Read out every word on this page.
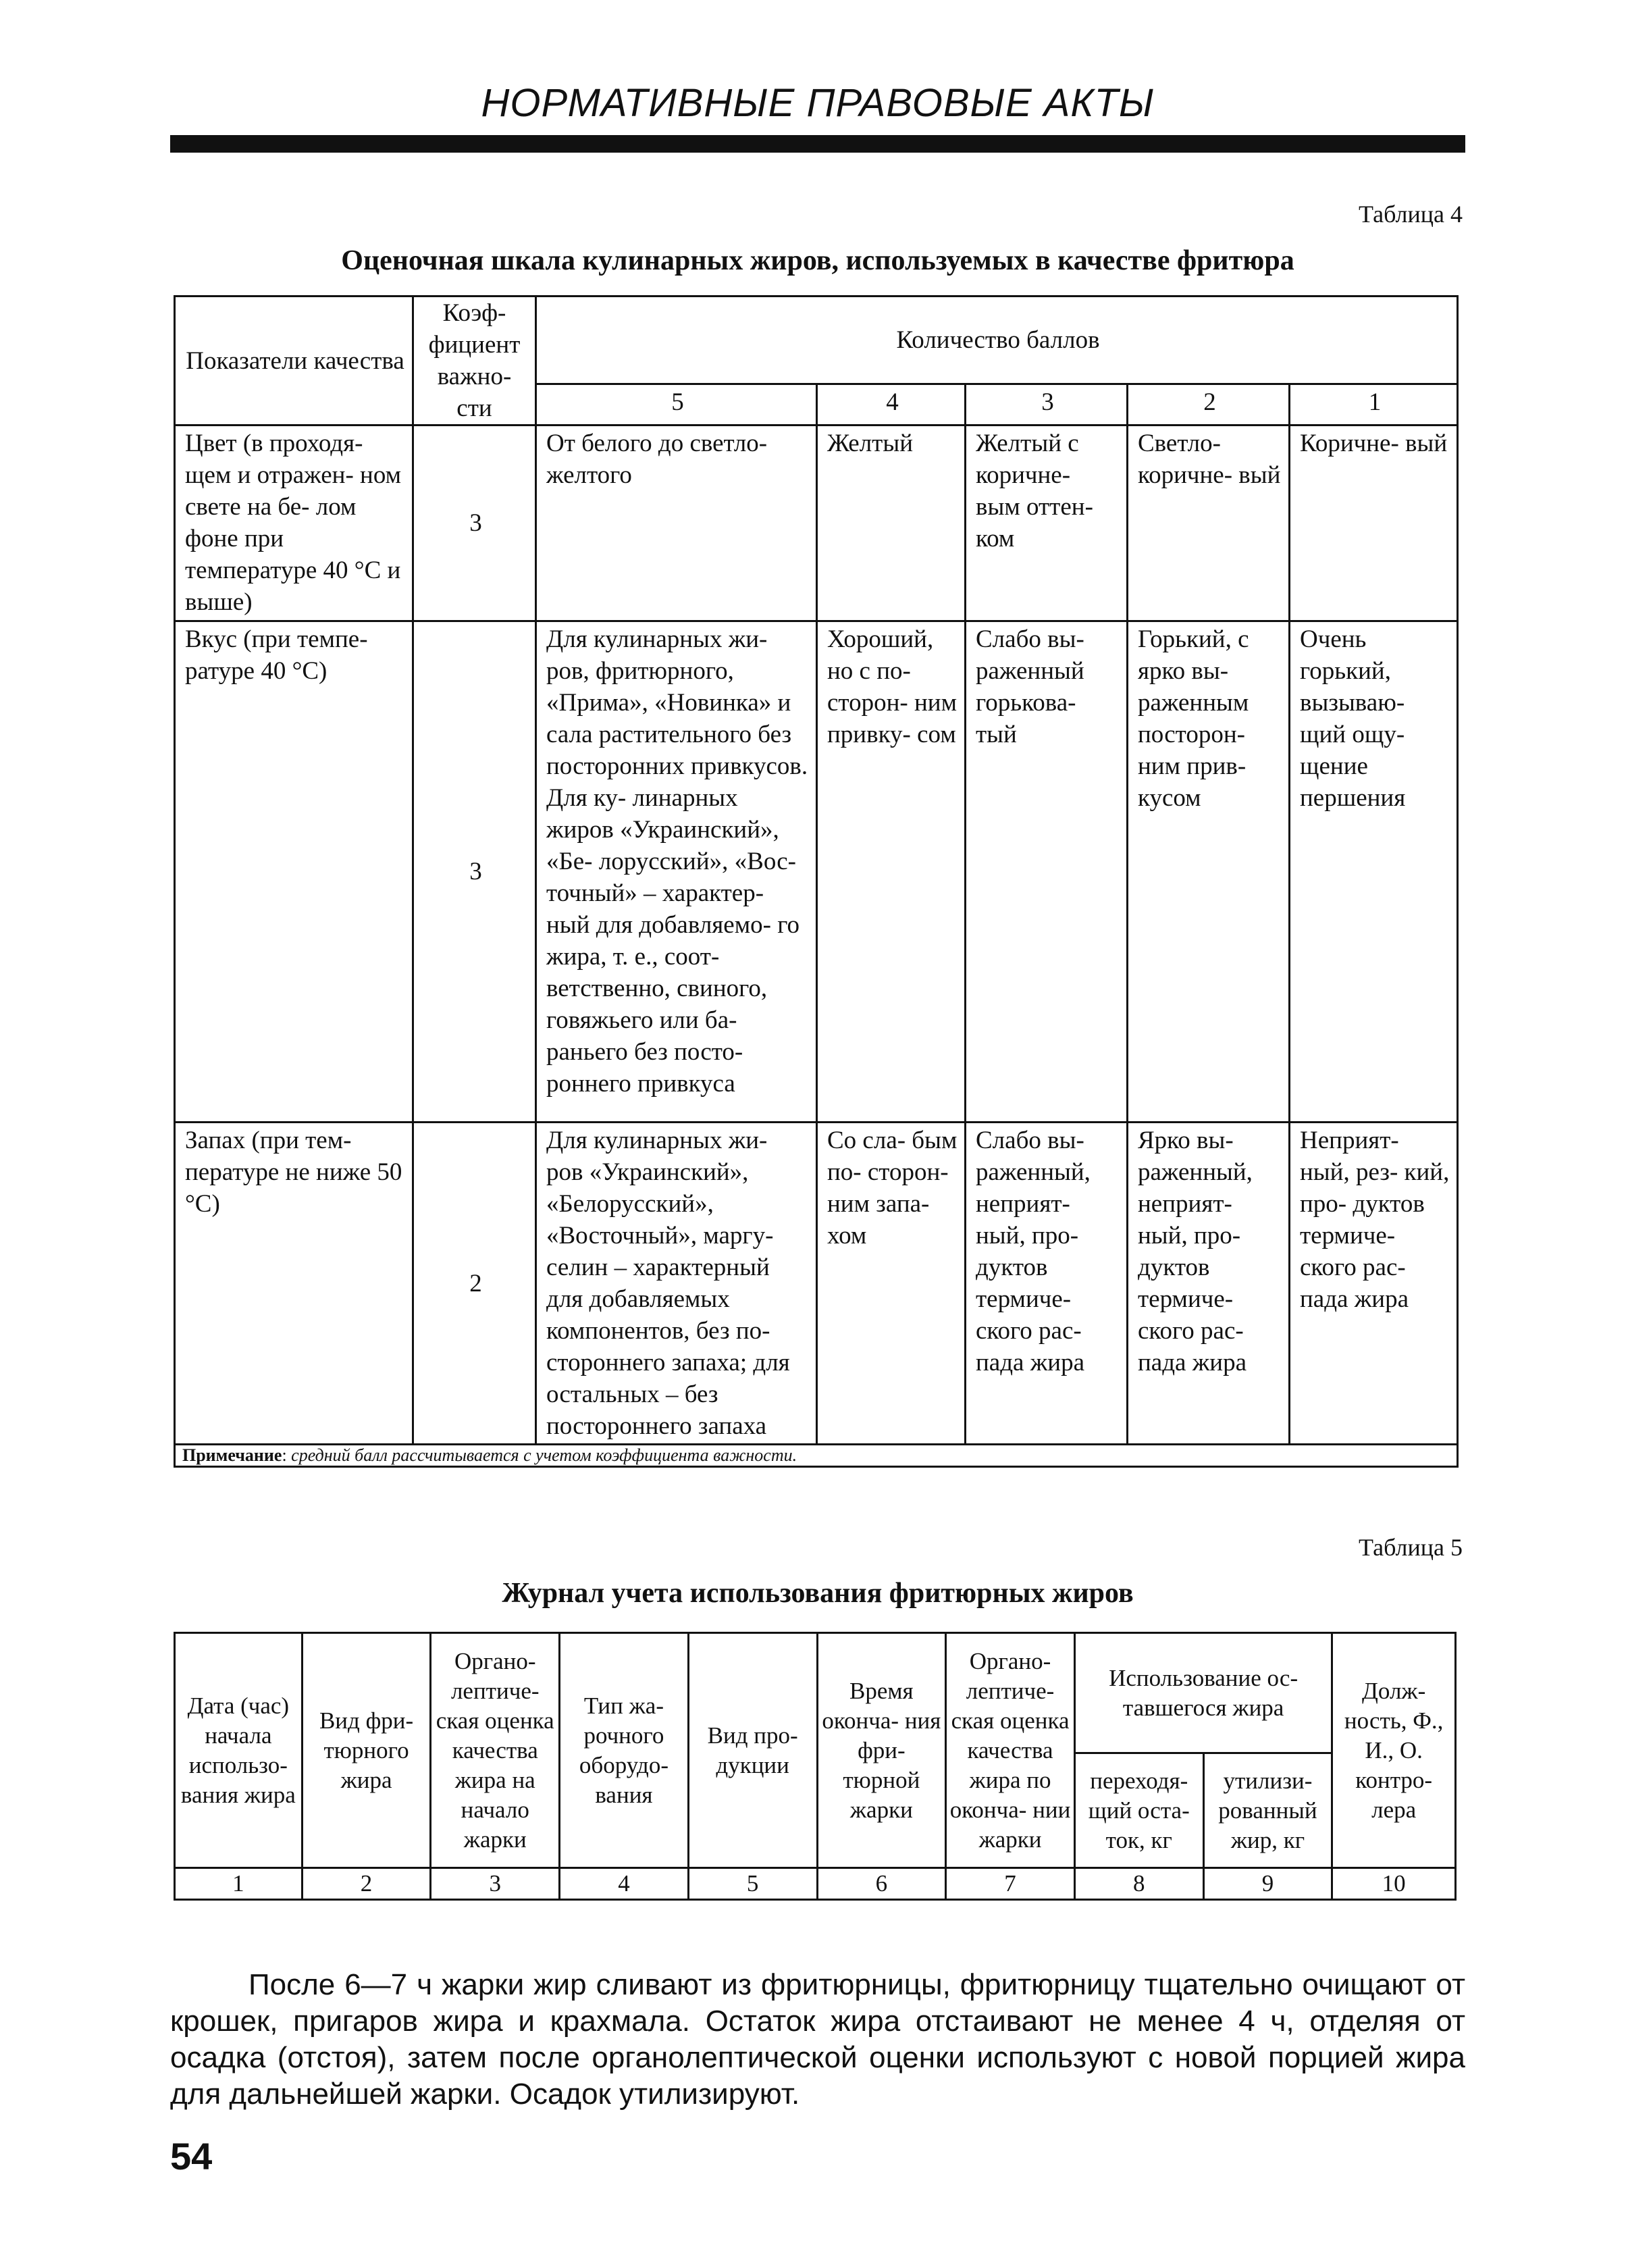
НОРМАТИВНЫЕ ПРАВОВЫЕ АКТЫ
Таблица 4
Оценочная шкала кулинарных жиров, используемых в качестве фритюра
Показатели качества	Коэф- фициент важно- сти	Количество баллов				
		5	4	3	2	1
Цвет (в проходя- щем и отражен- ном свете на бе- лом фоне при температуре 40 °С и выше)	3	От белого до светло- желтого	Желтый	Желтый с коричне- вым оттен- ком	Светло- коричне- вый	Коричне- вый
Вкус (при темпе- ратуре 40 °С)	3	Для кулинарных жи- ров, фритюрного, «Прима», «Новинка» и сала растительного без посторонних привкусов. Для ку- линарных жиров «Украинский», «Бе- лорусский», «Вос- точный» – характер- ный для добавляемо- го жира, т. е., соот- ветственно, свиного, говяжьего или ба- раньего без посто- роннего привкуса	Хороший, но с по- сторон- ним привку- сом	Слабо вы- раженный горькова- тый	Горький, с ярко вы- раженным посторон- ним прив- кусом	Очень горький, вызываю- щий ощу- щение першения
Запах (при тем- пературе не ниже 50 °С)	2	Для кулинарных жи- ров «Украинский», «Белорусский», «Восточный», маргу- селин – характерный для добавляемых компонентов, без по- стороннего запаха; для остальных – без постороннего запаха	Со сла- бым по- сторон- ним запа- хом	Слабо вы- раженный, неприят- ный, про- дуктов термиче- ского рас- пада жира	Ярко вы- раженный, неприят- ный, про- дуктов термиче- ского рас- пада жира	Неприят- ный, рез- кий, про- дуктов термиче- ского рас- пада жира
Примечание: средний балл рассчитывается с учетом коэффициента важности.						
Таблица 5
Журнал учета использования фритюрных жиров
Дата (час) начала использо- вания жира	Вид фри- тюрного жира	Органо- лептиче- ская оценка качества жира на начало жарки	Тип жа- рочного оборудо- вания	Вид про- дукции	Время оконча- ния фри- тюрной жарки	Органо- лептиче- ская оценка качества жира по оконча- нии жарки	Использование ос- тавшегося жира		Долж- ность, Ф., И., О. контро- лера
							переходя- щий оста- ток, кг	утилизи- рованный жир, кг	
1	2	3	4	5	6	7	8	9	10

После 6—7 ч жарки жир сливают из фритюрницы, фритюрницу тщательно очищают от крошек, пригаров жира и крахмала. Остаток жира отстаивают не менее 4 ч, отделяя от осадка (отстоя), затем после органолептической оценки используют с новой порцией жира для дальнейшей жарки. Осадок утилизируют.

54
